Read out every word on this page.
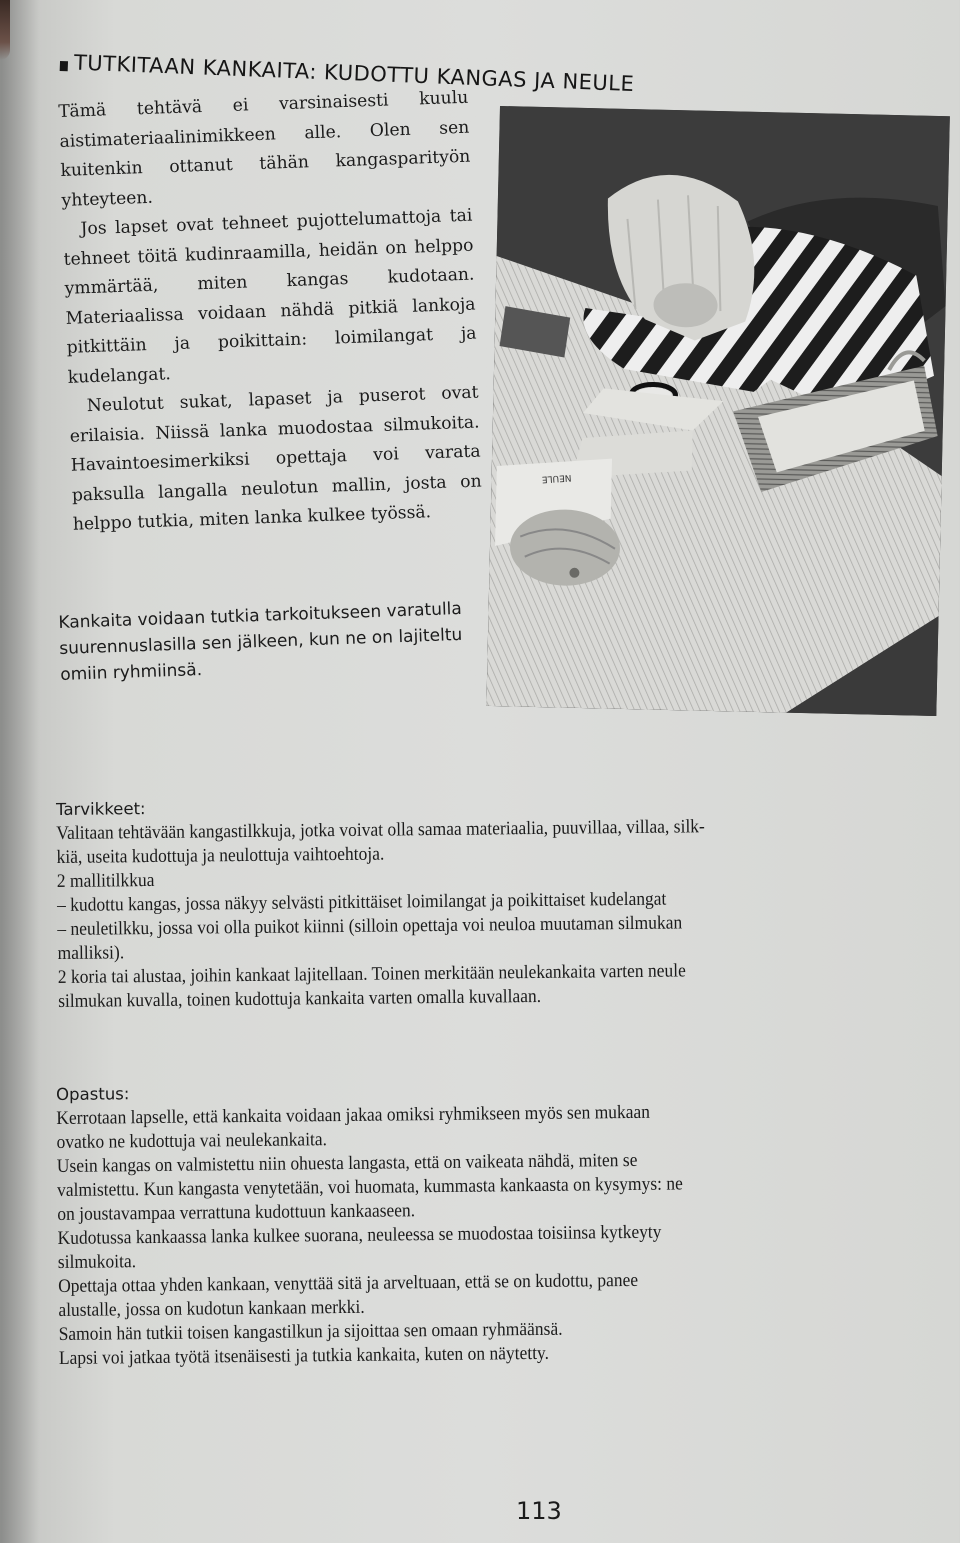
TUTKITAAN KANKAITA: KUDOTTU KANGAS JA NEULE

Tämä tehtävä ei varsinaisesti kuulu aistimateriaalinimikkeen alle. Olen sen kuitenkin ottanut tähän kangasparityön yhteyteen.

Jos lapset ovat tehneet pujottelumattoja tai tehneet töitä kudinraamilla, heidän on helppo ymmärtää, miten kangas kudotaan. Materiaalissa voidaan nähdä pitkiä lankoja pitkittäin ja poikittain: loimilangat ja kudelangat.

Neulotut sukat, lapaset ja puserot ovat erilaisia. Niissä lanka muodostaa silmukoita. Havaintoesimerkiksi opettaja voi varata paksulla langalla neulotun mallin, josta on helppo tutkia, miten lanka kulkee työssä.

Kankaita voidaan tutkia tarkoitukseen varatulla suurennuslasilla sen jälkeen, kun ne on lajiteltu omiin ryhmiinsä.

NEULE
Tarvikkeet:

Valitaan tehtävään kangastilkkuja, jotka voivat olla samaa materiaalia, puuvillaa, villaa, silk-

kiä, useita kudottuja ja neulottuja vaihtoehtoja.

2 mallitilkkua

– kudottu kangas, jossa näkyy selvästi pitkittäiset loimilangat ja poikittaiset kudelangat

– neuletilkku, jossa voi olla puikot kiinni (silloin opettaja voi neuloa muutaman silmukan

malliksi).

2 koria tai alustaa, joihin kankaat lajitellaan. Toinen merkitään neulekankaita varten neule

silmukan kuvalla, toinen kudottuja kankaita varten omalla kuvallaan.

Opastus:

Kerrotaan lapselle, että kankaita voidaan jakaa omiksi ryhmikseen myös sen mukaan

ovatko ne kudottuja vai neulekankaita.

Usein kangas on valmistettu niin ohuesta langasta, että on vaikeata nähdä, miten se

valmistettu. Kun kangasta venytetään, voi huomata, kummasta kankaasta on kysymys: ne

on joustavampaa verrattuna kudottuun kankaaseen.

Kudotussa kankaassa lanka kulkee suorana, neuleessa se muodostaa toisiinsa kytkeyty

silmukoita.

Opettaja ottaa yhden kankaan, venyttää sitä ja arveltuaan, että se on kudottu, panee

alustalle, jossa on kudotun kankaan merkki.

Samoin hän tutkii toisen kangastilkun ja sijoittaa sen omaan ryhmäänsä.

Lapsi voi jatkaa työtä itsenäisesti ja tutkia kankaita, kuten on näytetty.

113
